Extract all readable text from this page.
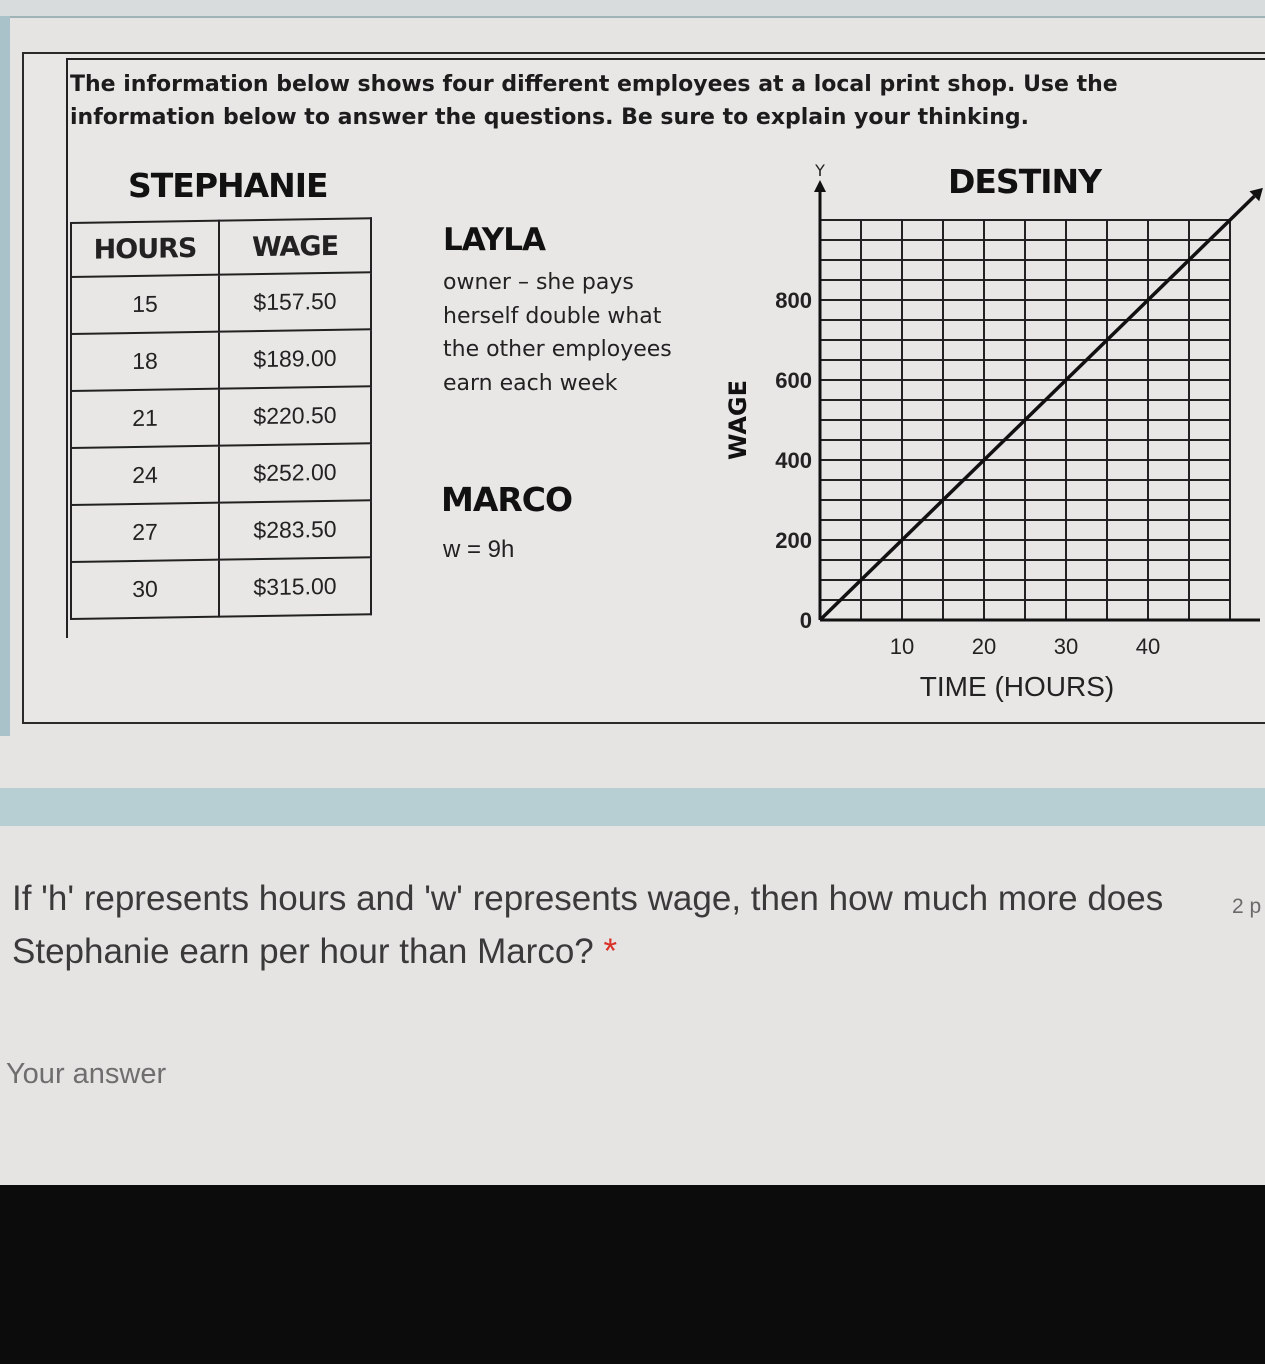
The information below shows four different employees at a local print shop. Use the information below to answer the questions. Be sure to explain your thinking.

STEPHANIE
HOURS	WAGE
15	$157.50
18	$189.00
21	$220.50
24	$252.00
27	$283.50
30	$315.00
LAYLA

owner – she pays herself double what the other employees earn each week

MARCO
w = 9h
DESTINY
Y
0
200
400
600
800
10	20	30	40
TIME (HOURS)
WAGE

If 'h' represents hours and 'w' represents wage, then how much more does Stephanie earn per hour than Marco? *

2 p
Your answer
